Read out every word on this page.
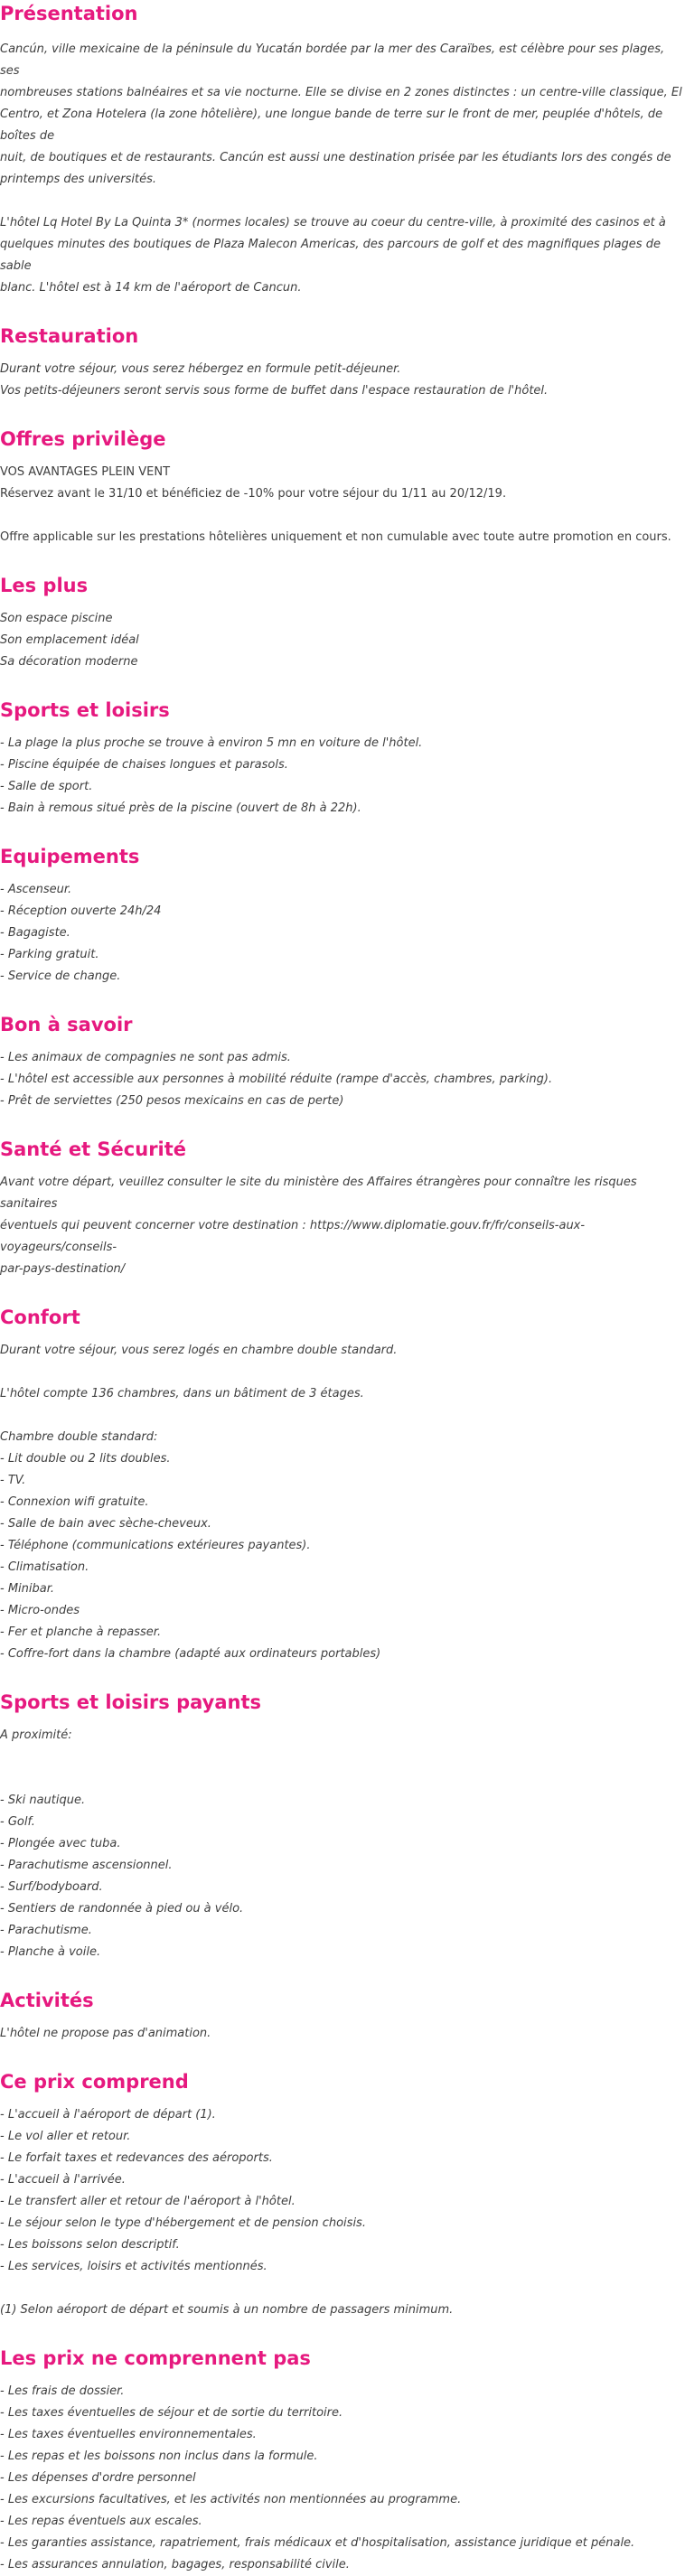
Présentation
Cancún, ville mexicaine de la péninsule du Yucatán bordée par la mer des Caraïbes, est célèbre pour ses plages, ses
nombreuses stations balnéaires et sa vie nocturne. Elle se divise en 2 zones distinctes : un centre-ville classique, El
Centro, et Zona Hotelera (la zone hôtelière), une longue bande de terre sur le front de mer, peuplée d'hôtels, de boîtes de
nuit, de boutiques et de restaurants. Cancún est aussi une destination prisée par les étudiants lors des congés de
printemps des universités.
L'hôtel Lq Hotel By La Quinta 3* (normes locales) se trouve au coeur du centre-ville, à proximité des casinos et à
quelques minutes des boutiques de Plaza Malecon Americas, des parcours de golf et des magnifiques plages de sable
blanc. L'hôtel est à 14 km de l'aéroport de Cancun.
Restauration
Durant votre séjour, vous serez hébergez en formule petit-déjeuner.
Vos petits-déjeuners seront servis sous forme de buffet dans l'espace restauration de l'hôtel.
Offres privilège
VOS AVANTAGES PLEIN VENT
Réservez avant le 31/10 et bénéficiez de -10% pour votre séjour du 1/11 au 20/12/19.
Offre applicable sur les prestations hôtelières uniquement et non cumulable avec toute autre promotion en cours.
Les plus
Son espace piscine
Son emplacement idéal
Sa décoration moderne
Sports et loisirs
- La plage la plus proche se trouve à environ 5 mn en voiture de l'hôtel.
- Piscine équipée de chaises longues et parasols.
- Salle de sport.
- Bain à remous situé près de la piscine (ouvert de 8h à 22h).
Equipements
- Ascenseur.
- Réception ouverte 24h/24
- Bagagiste.
- Parking gratuit.
- Service de change.
Bon à savoir
- Les animaux de compagnies ne sont pas admis.
- L'hôtel est accessible aux personnes à mobilité réduite (rampe d'accès, chambres, parking).
- Prêt de serviettes (250 pesos mexicains en cas de perte)
Santé et Sécurité
Avant votre départ, veuillez consulter le site du ministère des Affaires étrangères pour connaître les risques sanitaires
éventuels qui peuvent concerner votre destination : https://www.diplomatie.gouv.fr/fr/conseils-aux-voyageurs/conseils-
par-pays-destination/
Confort
Durant votre séjour, vous serez logés en chambre double standard.
L'hôtel compte 136 chambres, dans un bâtiment de 3 étages.
Chambre double standard:
- Lit double ou 2 lits doubles.
- TV.
- Connexion wifi gratuite.
- Salle de bain avec sèche-cheveux.
- Téléphone (communications extérieures payantes).
- Climatisation.
- Minibar.
- Micro-ondes
- Fer et planche à repasser.
- Coffre-fort dans la chambre (adapté aux ordinateurs portables)
Sports et loisirs payants
A proximité:
- Ski nautique.
- Golf.
- Plongée avec tuba.
- Parachutisme ascensionnel.
- Surf/bodyboard.
- Sentiers de randonnée à pied ou à vélo.
- Parachutisme.
- Planche à voile.
Activités
L'hôtel ne propose pas d'animation.
Ce prix comprend
- L'accueil à l'aéroport de départ (1).
- Le vol aller et retour.
- Le forfait taxes et redevances des aéroports.
- L'accueil à l'arrivée.
- Le transfert aller et retour de l'aéroport à l'hôtel.
- Le séjour selon le type d'hébergement et de pension choisis.
- Les boissons selon descriptif.
- Les services, loisirs et activités mentionnés.
(1) Selon aéroport de départ et soumis à un nombre de passagers minimum.
Les prix ne comprennent pas
- Les frais de dossier.
- Les taxes éventuelles de séjour et de sortie du territoire.
- Les taxes éventuelles environnementales.
- Les repas et les boissons non inclus dans la formule.
- Les dépenses d'ordre personnel
- Les excursions facultatives, et les activités non mentionnées au programme.
- Les repas éventuels aux escales.
- Les garanties assistance, rapatriement, frais médicaux et d'hospitalisation, assistance juridique et pénale.
- Les assurances annulation, bagages, responsabilité civile.
